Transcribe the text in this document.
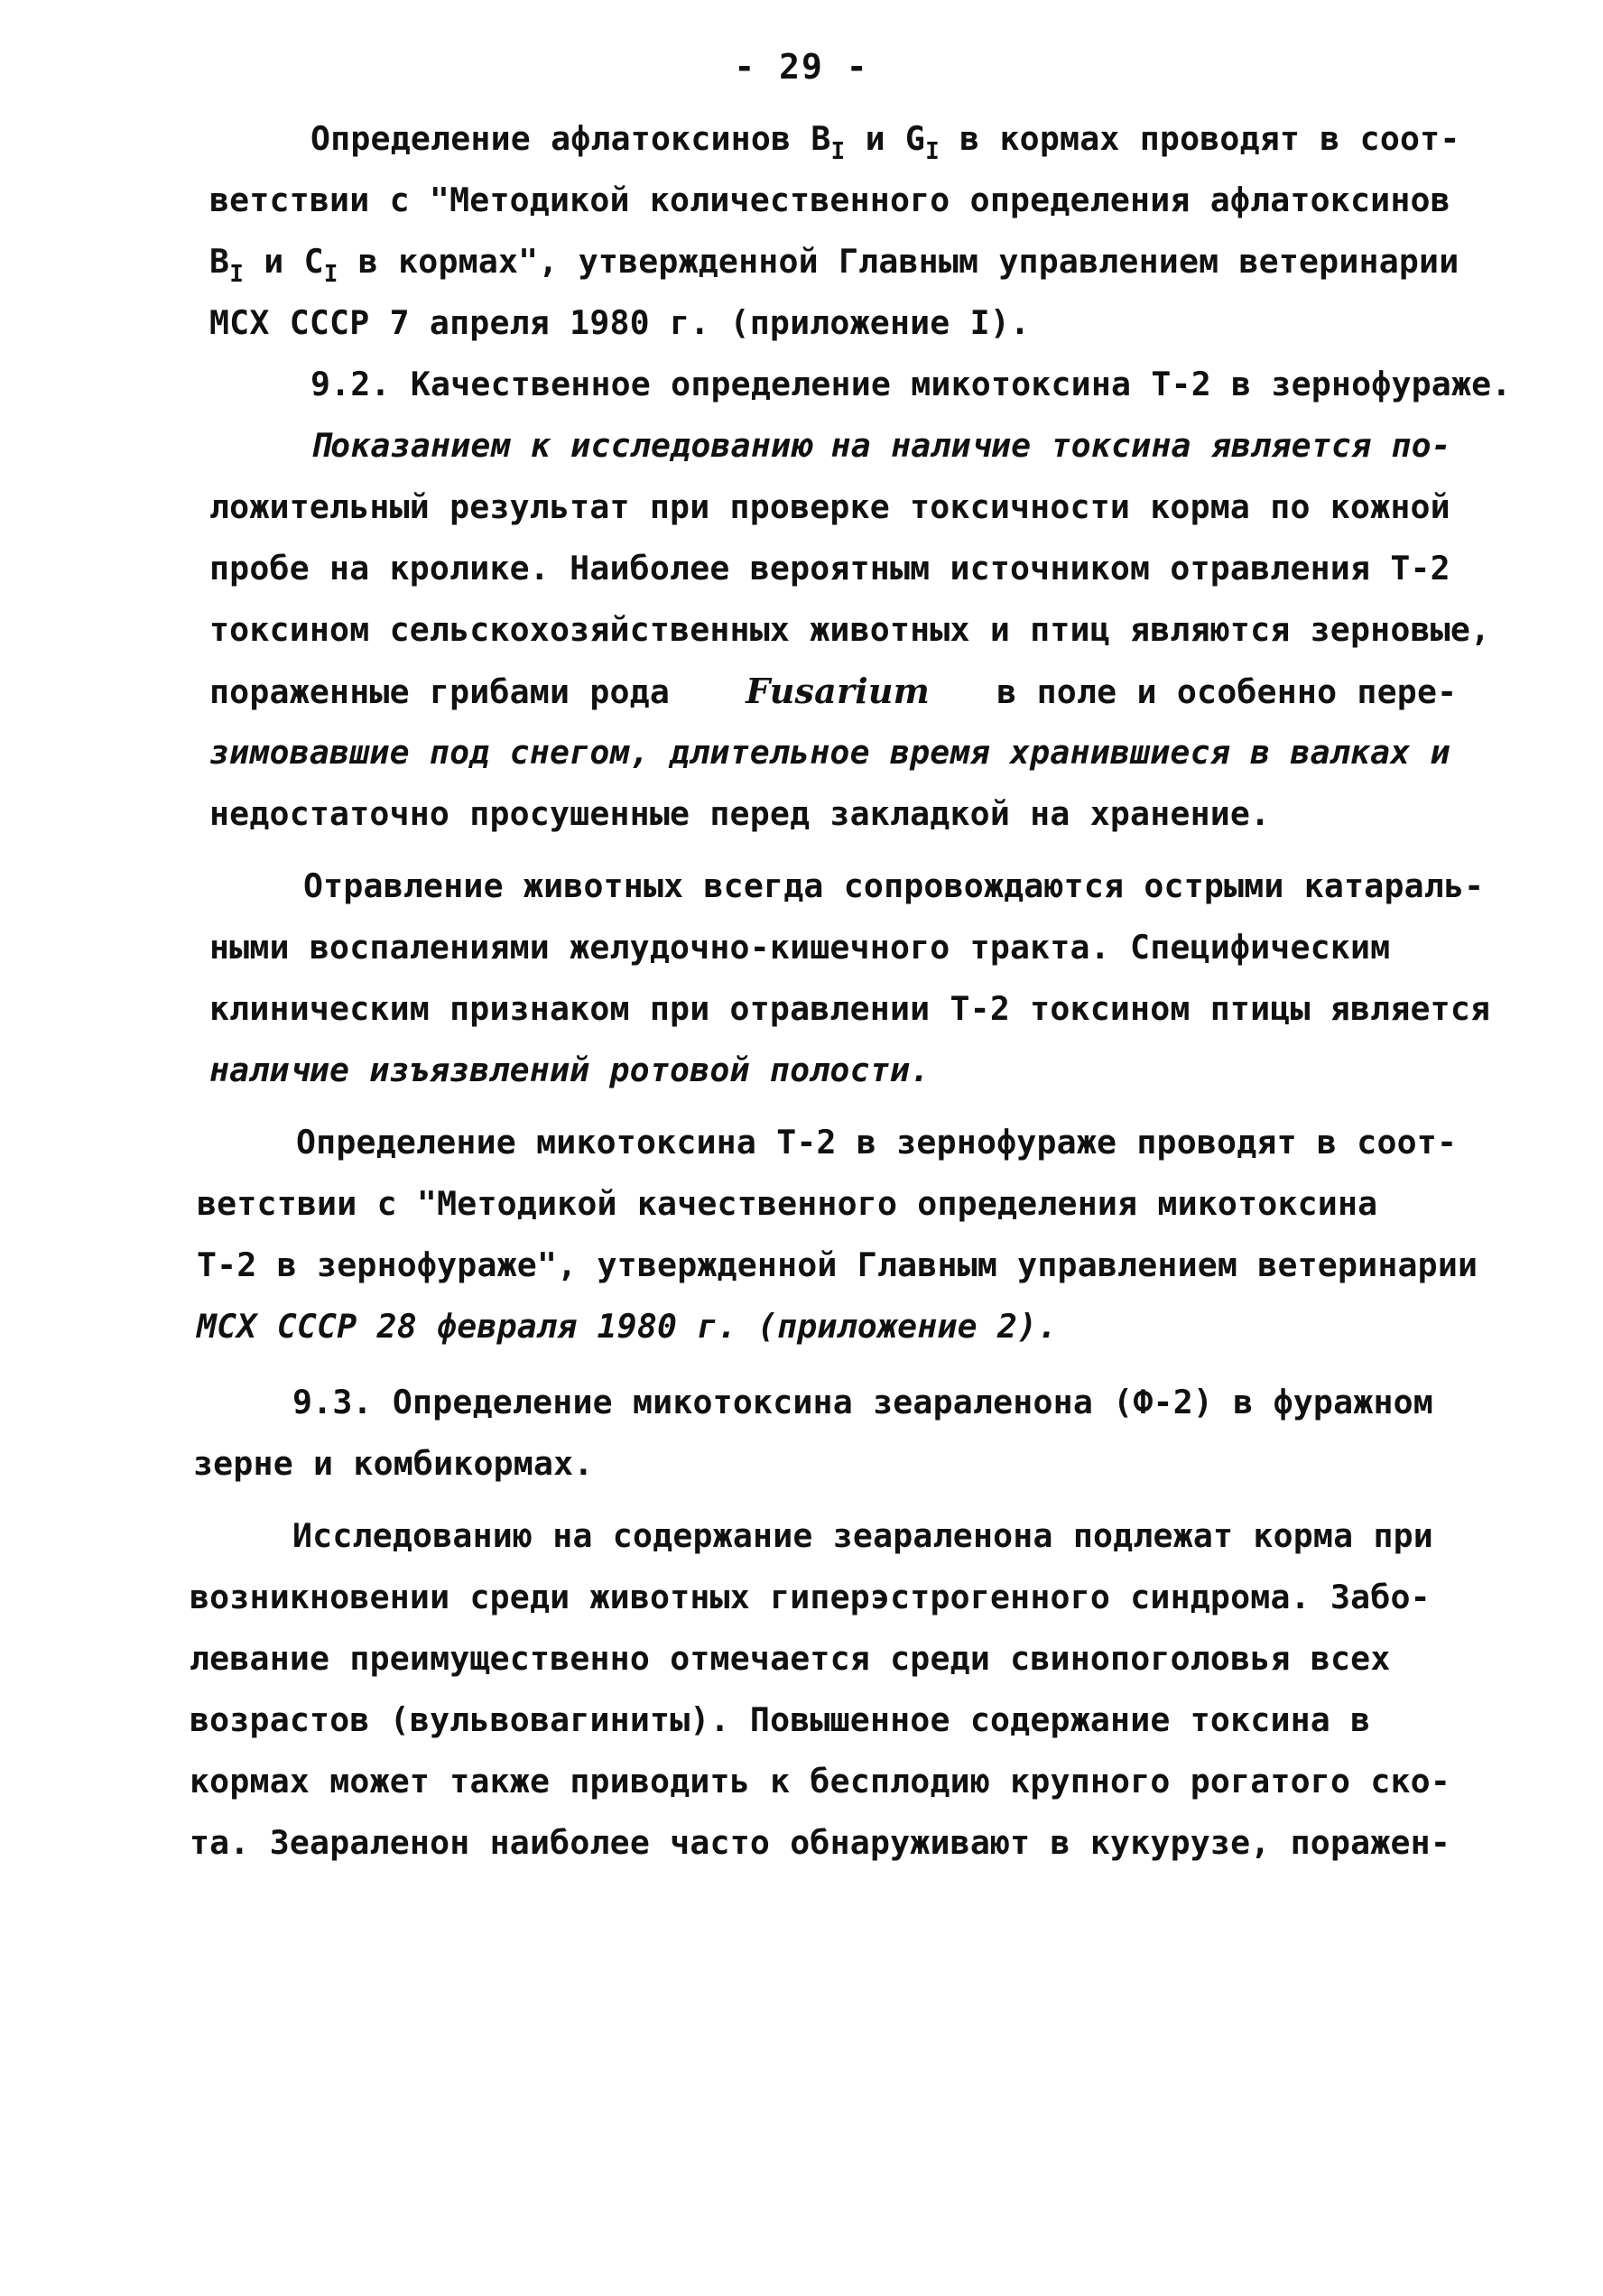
- 29 -
Определение афлатоксинов $В_I$ и $G_I$ в кормах проводят в соот-
ветствии с "Методикой количественного определения афлатоксинов
$В_I$ и $С_I$ в кормах", утвержденной Главным управлением ветеринарии
МСХ СССР 7 апреля 1980 г. (приложение I).
9.2. Качественное определение микотоксина Т-2 в зернофураже.
Показанием к исследованию на наличие токсина является по-
ложительный результат при проверке токсичности корма по кожной
пробе на кролике. Наиболее вероятным источником отравления Т-2
токсином сельскохозяйственных животных и птиц являются зерновые,
пораженные грибами рода Fusarium в поле и особенно пере-
зимовавшие под снегом, длительное время хранившиеся в валках и
недостаточно просушенные перед закладкой на хранение.
Отравление животных всегда сопровождаются острыми катараль-
ными воспалениями желудочно-кишечного тракта. Специфическим
клиническим признаком при отравлении Т-2 токсином птицы является
наличие изъязвлений ротовой полости.
Определение микотоксина Т-2 в зернофураже проводят в соот-
ветствии с "Методикой качественного определения микотоксина
Т-2 в зернофураже", утвержденной Главным управлением ветеринарии
МСХ СССР 28 февраля 1980 г. (приложение 2).
9.3. Определение микотоксина зеараленона (Ф-2) в фуражном
зерне и комбикормах.
Исследованию на содержание зеараленона подлежат корма при
возникновении среди животных гиперэстрогенного синдрома. Забо-
левание преимущественно отмечается среди свинопоголовья всех
возрастов (вульвовагиниты). Повышенное содержание токсина в
кормах может также приводить к бесплодию крупного рогатого ско-
та. Зеараленон наиболее часто обнаруживают в кукурузе, поражен-
